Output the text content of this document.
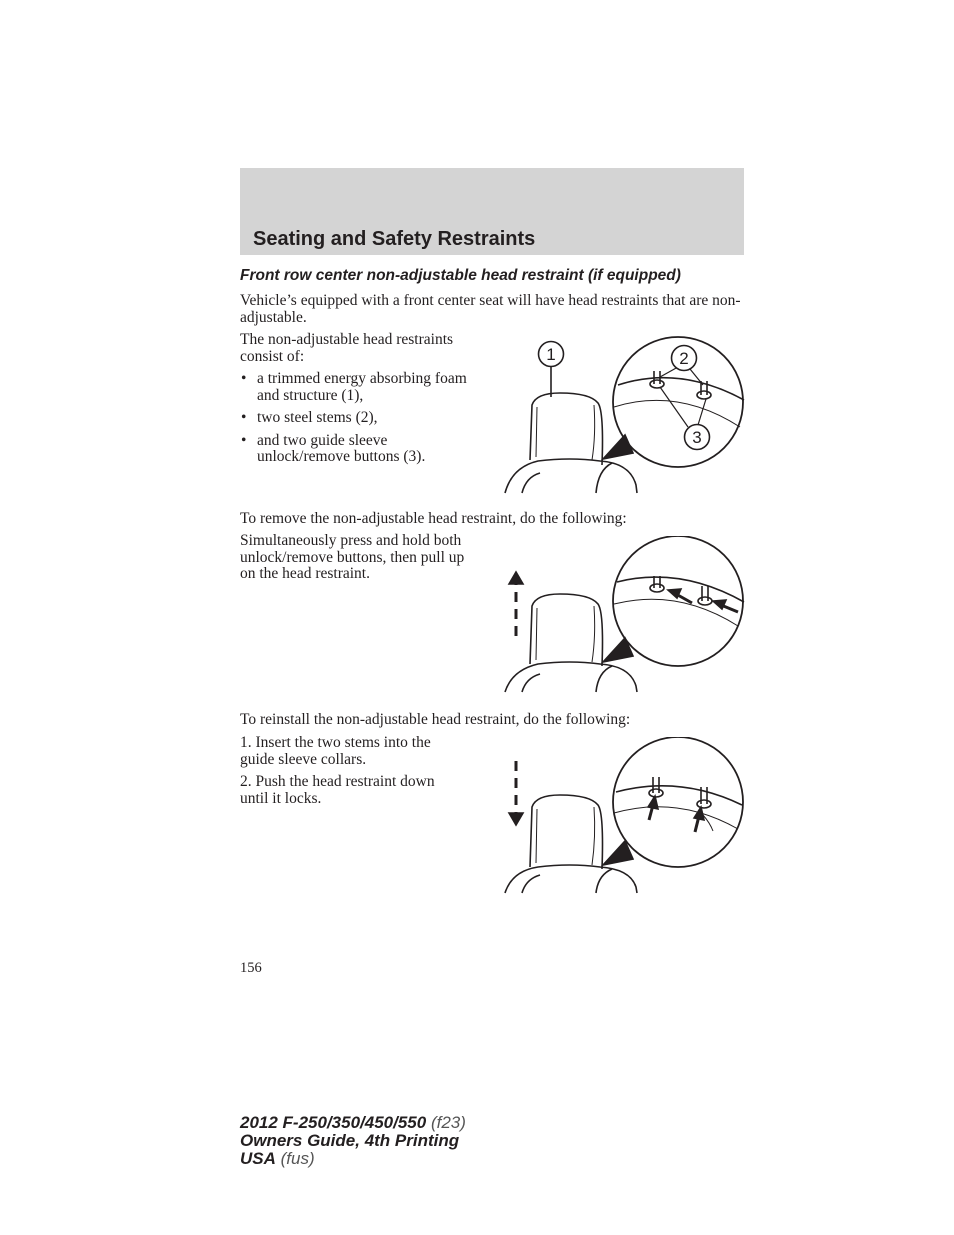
Seating and Safety Restraints
Front row center non-adjustable head restraint (if equipped)

Vehicle’s equipped with a front center seat will have head restraints that are non-adjustable.

The non-adjustable head restraints
consist of:

• a trimmed energy absorbing foam
and structure (1),
• two steel stems (2),
• and two guide sleeve
unlock/remove buttons (3).
1	2
3

To remove the non-adjustable head restraint, do the following:

Simultaneously press and hold both
unlock/remove buttons, then pull up
on the head restraint.

To reinstall the non-adjustable head restraint, do the following:

1. Insert the two stems into the
guide sleeve collars.

2. Push the head restraint down
until it locks.

156
2012 F-250/350/450/550 (f23)
Owners Guide, 4th Printing
USA (fus)
